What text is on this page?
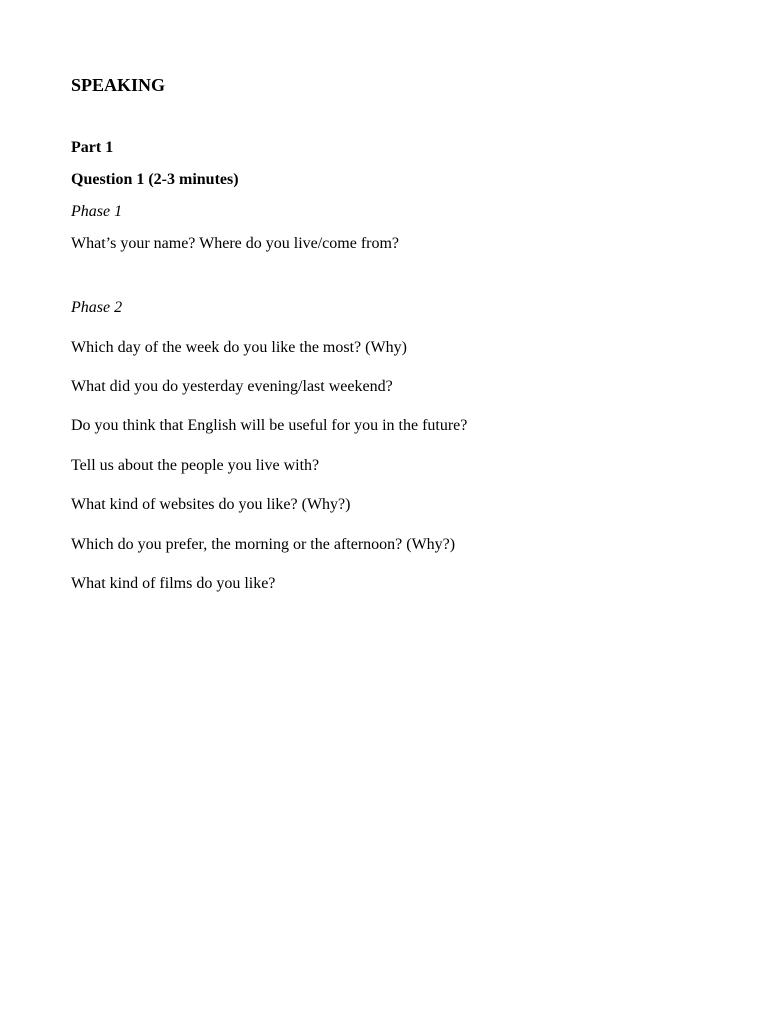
SPEAKING
Part 1
Question 1 (2-3 minutes)
Phase 1
What’s your name? Where do you live/come from?
Phase 2
Which day of the week do you like the most? (Why)
What did you do yesterday evening/last weekend?
Do you think that English will be useful for you in the future?
Tell us about the people you live with?
What kind of websites do you like? (Why?)
Which do you prefer, the morning or the afternoon? (Why?)
What kind of films do you like?
